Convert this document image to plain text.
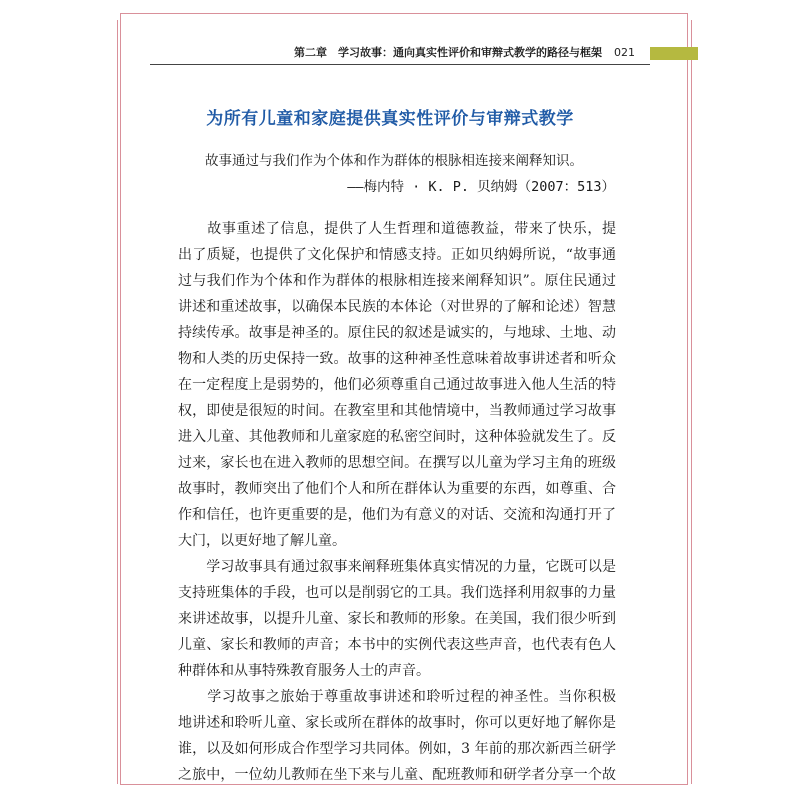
第二章　学习故事：通向真实性评价和审辩式教学的路径与框架 021
为所有儿童和家庭提供真实性评价与审辩式教学
故事通过与我们作为个体和作为群体的根脉相连接来阐释知识。
——梅内特 · K. P. 贝纳姆（2007：513）
　　故事重述了信息，提供了人生哲理和道德教益，带来了快乐，提
出了质疑，也提供了文化保护和情感支持。正如贝纳姆所说，“故事通
过与我们作为个体和作为群体的根脉相连接来阐释知识”。原住民通过
讲述和重述故事，以确保本民族的本体论（对世界的了解和论述）智慧
持续传承。故事是神圣的。原住民的叙述是诚实的，与地球、土地、动
物和人类的历史保持一致。故事的这种神圣性意味着故事讲述者和听众
在一定程度上是弱势的，他们必须尊重自己通过故事进入他人生活的特
权，即使是很短的时间。在教室里和其他情境中，当教师通过学习故事
进入儿童、其他教师和儿童家庭的私密空间时，这种体验就发生了。反
过来，家长也在进入教师的思想空间。在撰写以儿童为学习主角的班级
故事时，教师突出了他们个人和所在群体认为重要的东西，如尊重、合
作和信任，也许更重要的是，他们为有意义的对话、交流和沟通打开了
大门，以更好地了解儿童。
　　学习故事具有通过叙事来阐释班集体真实情况的力量，它既可以是
支持班集体的手段，也可以是削弱它的工具。我们选择利用叙事的力量
来讲述故事，以提升儿童、家长和教师的形象。在美国，我们很少听到
儿童、家长和教师的声音；本书中的实例代表这些声音，也代表有色人
种群体和从事特殊教育服务人士的声音。
　　学习故事之旅始于尊重故事讲述和聆听过程的神圣性。当你积极
地讲述和聆听儿童、家长或所在群体的故事时，你可以更好地了解你是
谁，以及如何形成合作型学习共同体。例如，3 年前的那次新西兰研学
之旅中，一位幼儿教师在坐下来与儿童、配班教师和研学者分享一个故
